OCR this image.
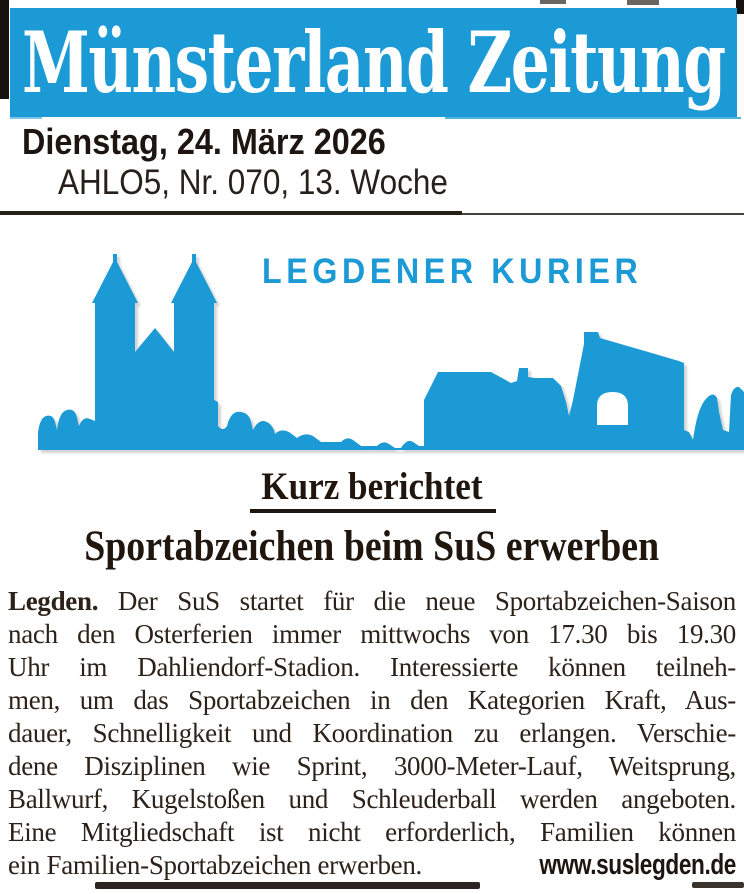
Münsterland Zeitung
Dienstag, 24. März 2026
AHLO5, Nr. 070, 13. Woche
LEGDENER KURIER
Kurz berichtet
Sportabzeichen beim SuS erwerben
Legden. Der SuS startet für die neue Sportabzeichen-Saison
nach den Osterferien immer mittwochs von 17.30 bis 19.30
Uhr im Dahliendorf-Stadion. Interessierte können teilneh-
men, um das Sportabzeichen in den Kategorien Kraft, Aus-
dauer, Schnelligkeit und Koordination zu erlangen. Verschie-
dene Disziplinen wie Sprint, 3000-Meter-Lauf, Weitsprung,
Ballwurf, Kugelstoßen und Schleuderball werden angeboten.
Eine Mitgliedschaft ist nicht erforderlich, Familien können
ein Familien-Sportabzeichen erwerben.	www.suslegden.de
